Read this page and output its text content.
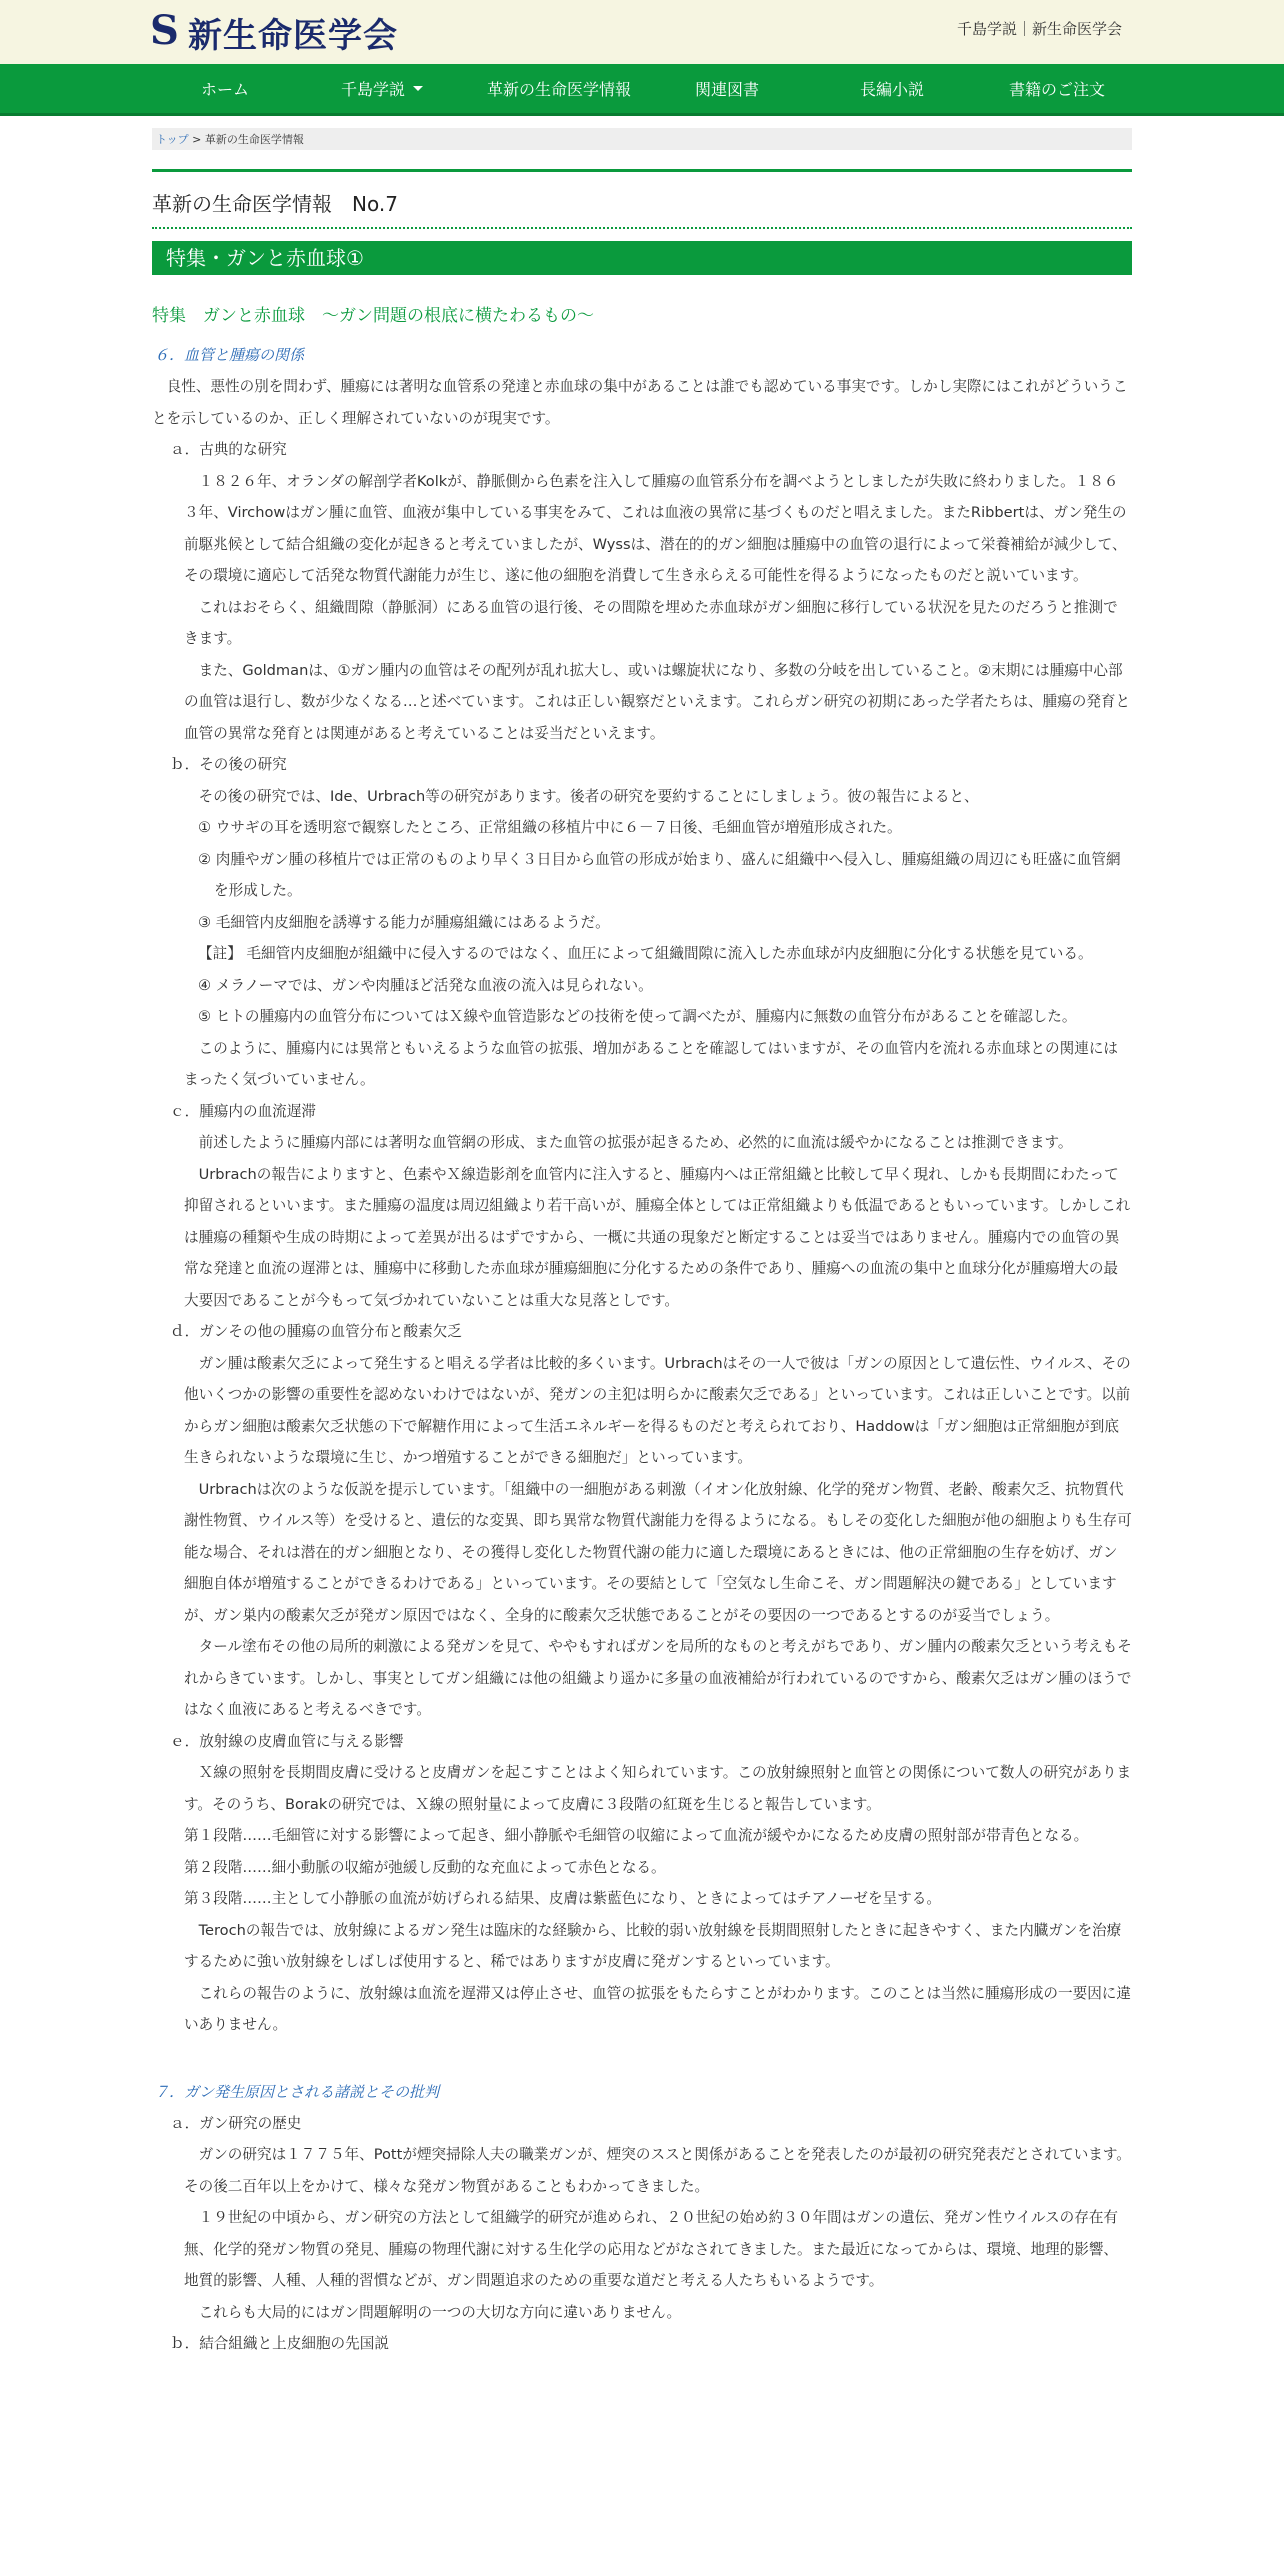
S 新生命医学会	千島学説｜新生命医学会
ホーム	千島学説	革新の生命医学情報	関連図書	長編小説	書籍のご注文
トップ > 革新の生命医学情報
革新の生命医学情報　No.7
特集・ガンと赤血球①
特集　ガンと赤血球　～ガン問題の根底に横たわるもの～
６．血管と腫瘍の関係

良性、悪性の別を問わず、腫瘍には著明な血管系の発達と赤血球の集中があることは誰でも認めている事実です。しかし実際にはこれがどういうことを示しているのか、正しく理解されていないのが現実です。

ａ．古典的な研究

１８２６年、オランダの解剖学者Kolkが、静脈側から色素を注入して腫瘍の血管系分布を調べようとしましたが失敗に終わりました。１８６３年、Virchowはガン腫に血管、血液が集中している事実をみて、これは血液の異常に基づくものだと唱えました。またRibbertは、ガン発生の前駆兆候として結合組織の変化が起きると考えていましたが、Wyssは、潜在的的ガン細胞は腫瘍中の血管の退行によって栄養補給が減少して、その環境に適応して活発な物質代謝能力が生じ、遂に他の細胞を消費して生き永らえる可能性を得るようになったものだと説いています。

これはおそらく、組織間隙（静脈洞）にある血管の退行後、その間隙を埋めた赤血球がガン細胞に移行している状況を見たのだろうと推測できます。

また、Goldmanは、①ガン腫内の血管はその配列が乱れ拡大し、或いは螺旋状になり、多数の分岐を出していること。②末期には腫瘍中心部の血管は退行し、数が少なくなる…と述べています。これは正しい観察だといえます。これらガン研究の初期にあった学者たちは、腫瘍の発育と血管の異常な発育とは関連があると考えていることは妥当だといえます。

ｂ．その後の研究

その後の研究では、Ide、Urbrach等の研究があります。後者の研究を要約することにしましょう。彼の報告によると、

① ウサギの耳を透明窓で観察したところ、正常組織の移植片中に６－７日後、毛細血管が増殖形成された。

② 肉腫やガン腫の移植片では正常のものより早く３日目から血管の形成が始まり、盛んに組織中へ侵入し、腫瘍組織の周辺にも旺盛に血管網を形成した。

③ 毛細管内皮細胞を誘導する能力が腫瘍組織にはあるようだ。

【註】 毛細管内皮細胞が組織中に侵入するのではなく、血圧によって組織間隙に流入した赤血球が内皮細胞に分化する状態を見ている。

④ メラノーマでは、ガンや肉腫ほど活発な血液の流入は見られない。

⑤ ヒトの腫瘍内の血管分布についてはＸ線や血管造影などの技術を使って調べたが、腫瘍内に無数の血管分布があることを確認した。

このように、腫瘍内には異常ともいえるような血管の拡張、増加があることを確認してはいますが、その血管内を流れる赤血球との関連にはまったく気づいていません。

ｃ．腫瘍内の血流遅滞

前述したように腫瘍内部には著明な血管網の形成、また血管の拡張が起きるため、必然的に血流は緩やかになることは推測できます。

Urbrachの報告によりますと、色素やＸ線造影剤を血管内に注入すると、腫瘍内へは正常組織と比較して早く現れ、しかも長期間にわたって抑留されるといいます。また腫瘍の温度は周辺組織より若干高いが、腫瘍全体としては正常組織よりも低温であるともいっています。しかしこれは腫瘍の種類や生成の時期によって差異が出るはずですから、一概に共通の現象だと断定することは妥当ではありません。腫瘍内での血管の異常な発達と血流の遅滞とは、腫瘍中に移動した赤血球が腫瘍細胞に分化するための条件であり、腫瘍への血流の集中と血球分化が腫瘍増大の最大要因であることが今もって気づかれていないことは重大な見落としです。

ｄ．ガンその他の腫瘍の血管分布と酸素欠乏

ガン腫は酸素欠乏によって発生すると唱える学者は比較的多くいます。Urbrachはその一人で彼は「ガンの原因として遺伝性、ウイルス、その他いくつかの影響の重要性を認めないわけではないが、発ガンの主犯は明らかに酸素欠乏である」といっています。これは正しいことです。以前からガン細胞は酸素欠乏状態の下で解糖作用によって生活エネルギーを得るものだと考えられており、Haddowは「ガン細胞は正常細胞が到底生きられないような環境に生じ、かつ増殖することができる細胞だ」といっています。

Urbrachは次のような仮説を提示しています。「組織中の一細胞がある刺激（イオン化放射線、化学的発ガン物質、老齢、酸素欠乏、抗物質代謝性物質、ウイルス等）を受けると、遺伝的な変異、即ち異常な物質代謝能力を得るようになる。もしその変化した細胞が他の細胞よりも生存可能な場合、それは潜在的ガン細胞となり、その獲得し変化した物質代謝の能力に適した環境にあるときには、他の正常細胞の生存を妨げ、ガン細胞自体が増殖することができるわけである」といっています。その要結として「空気なし生命こそ、ガン問題解決の鍵である」としていますが、ガン巣内の酸素欠乏が発ガン原因ではなく、全身的に酸素欠乏状態であることがその要因の一つであるとするのが妥当でしょう。

タール塗布その他の局所的刺激による発ガンを見て、ややもすればガンを局所的なものと考えがちであり、ガン腫内の酸素欠乏という考えもそれからきています。しかし、事実としてガン組織には他の組織より遥かに多量の血液補給が行われているのですから、酸素欠乏はガン腫のほうではなく血液にあると考えるべきです。

ｅ．放射線の皮膚血管に与える影響

Ｘ線の照射を長期間皮膚に受けると皮膚ガンを起こすことはよく知られています。この放射線照射と血管との関係について数人の研究があります。そのうち、Borakの研究では、Ｘ線の照射量によって皮膚に３段階の紅斑を生じると報告しています。

第１段階……毛細管に対する影響によって起き、細小静脈や毛細管の収縮によって血流が緩やかになるため皮膚の照射部が帯青色となる。

第２段階……細小動脈の収縮が弛緩し反動的な充血によって赤色となる。

第３段階……主として小静脈の血流が妨げられる結果、皮膚は紫藍色になり、ときによってはチアノーゼを呈する。

Terochの報告では、放射線によるガン発生は臨床的な経験から、比較的弱い放射線を長期間照射したときに起きやすく、また内臓ガンを治療するために強い放射線をしばしば使用すると、稀ではありますが皮膚に発ガンするといっています。

これらの報告のように、放射線は血流を遅滞又は停止させ、血管の拡張をもたらすことがわかります。このことは当然に腫瘍形成の一要因に違いありません。

７．ガン発生原因とされる諸説とその批判

ａ．ガン研究の歴史

ガンの研究は１７７５年、Pottが煙突掃除人夫の職業ガンが、煙突のススと関係があることを発表したのが最初の研究発表だとされています。その後二百年以上をかけて、様々な発ガン物質があることもわかってきました。

１９世紀の中頃から、ガン研究の方法として組織学的研究が進められ、２０世紀の始め約３０年間はガンの遺伝、発ガン性ウイルスの存在有無、化学的発ガン物質の発見、腫瘍の物理代謝に対する生化学の応用などがなされてきました。また最近になってからは、環境、地理的影響、地質的影響、人種、人種的習慣などが、ガン問題追求のための重要な道だと考える人たちもいるようです。

これらも大局的にはガン問題解明の一つの大切な方向に違いありません。

ｂ．結合組織と上皮細胞の先国説
